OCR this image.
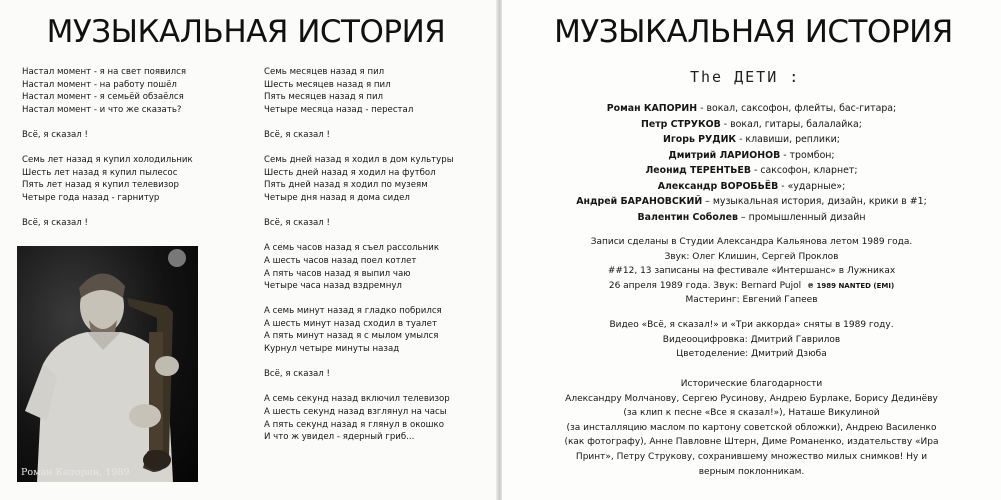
МУЗЫКАЛЬНАЯ ИСТОРИЯ
Настал момент - я на свет появился
Настал момент - на работу пошёл
Настал момент - я семьёй обзаёлся
Настал момент - и что же сказать?
Всё, я сказал !
Семь лет назад я купил холодильник
Шесть лет назад я купил пылесос
Пять лет назад я купил телевизор
Четыре года назад - гарнитур
Всё, я сказал !
Семь месяцев назад я пил
Шесть месяцев назад я пил
Пять месяцев назад я пил
Четыре месяца назад - перестал
Всё, я сказал !
Семь дней назад я ходил в дом культуры
Шесть дней назад я ходил на футбол
Пять дней назад я ходил по музеям
Четыре дня назад я дома сидел
Всё, я сказал !
А семь часов назад я съел рассольник
А шесть часов назад поел котлет
А пять часов назад я выпил чаю
Четыре часа назад вздремнул
А семь минут назад я гладко побрился
А шесть минут назад сходил в туалет
А пять минут назад я с мылом умылся
Курнул четыре минуты назад
Всё, я сказал !
А семь секунд назад включил телевизор
А шесть секунд назад взглянул на часы
А пять секунд назад я глянул в окошко
И что ж увидел - ядерный гриб...
Роман Капорин, 1989
МУЗЫКАЛЬНАЯ ИСТОРИЯ
The ДЕТИ :
Роман КАПОРИН - вокал, саксофон, флейты, бас-гитара;
Петр СТРУКОВ - вокал, гитары, балалайка;
Игорь РУДИК - клавиши, реплики;
Дмитрий ЛАРИОНОВ - тромбон;
Леонид ТЕРЕНТЬЕВ - саксофон, кларнет;
Александр ВОРОБЬЁВ - «ударные»;
Андрей БАРАНОВСКИЙ – музыкальная история, дизайн, крики в #1;
Валентин Соболев – промышленный дизайн
Записи сделаны в Студии Александра Кальянова летом 1989 года.
Звук: Олег Клишин, Сергей Проклов
##12, 13 записаны на фестивале «Интершанс» в Лужниках
26 апреля 1989 года. Звук: Bernard Pujol ℗ 1989 NANTED (EMI)
Мастеринг: Евгений Гапеев
Видео «Всё, я сказал!» и «Три аккорда» сняты в 1989 году.
Видеооцифровка: Дмитрий Гаврилов
Цветоделение: Дмитрий Дзюба
Исторические благодарности
Александру Молчанову, Сергею Русинову, Андрею Бурлаке, Борису Дединёву
(за клип к песне «Все я сказал!»), Наташе Викулиной
(за инсталляцию маслом по картону советской обложки), Андрею Василенко
(как фотографу), Анне Павловне Штерн, Диме Романенко, издательству «Ира
Принт», Петру Струкову, сохранившему множество милых снимков! Ну и
верным поклонникам.
